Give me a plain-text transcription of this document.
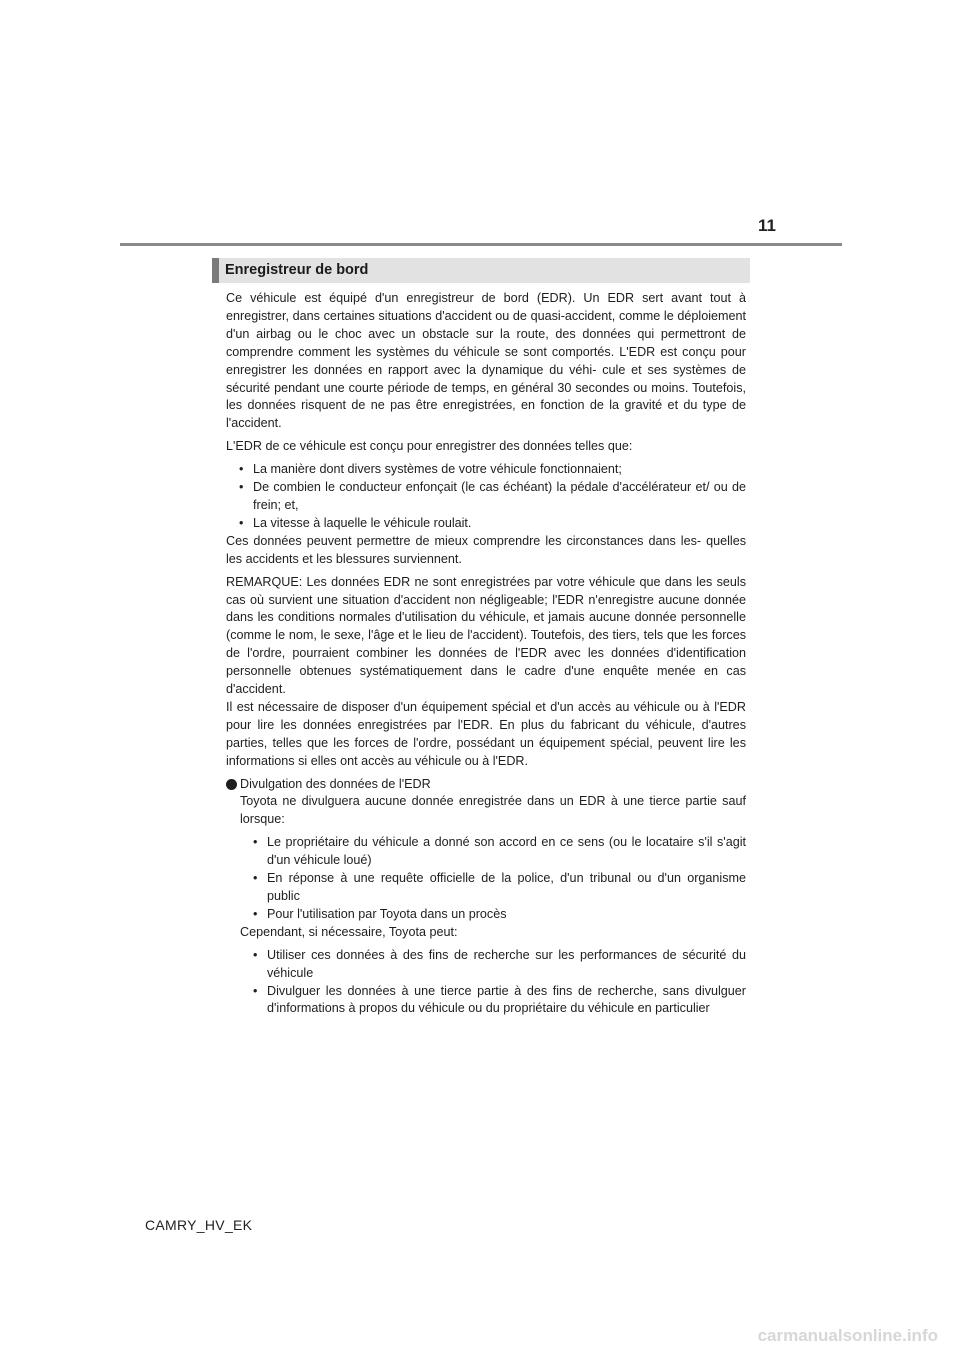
11
Enregistreur de bord

Ce véhicule est équipé d'un enregistreur de bord (EDR). Un EDR sert avant tout à enregistrer, dans certaines situations d'accident ou de quasi-accident, comme le déploiement d'un airbag ou le choc avec un obstacle sur la route, des données qui permettront de comprendre comment les systèmes du véhicule se sont comportés. L'EDR est conçu pour enregistrer les données en rapport avec la dynamique du véhi- cule et ses systèmes de sécurité pendant une courte période de temps, en général 30 secondes ou moins. Toutefois, les données risquent de ne pas être enregistrées, en fonction de la gravité et du type de l'accident.

L'EDR de ce véhicule est conçu pour enregistrer des données telles que:

• La manière dont divers systèmes de votre véhicule fonctionnaient;
• De combien le conducteur enfonçait (le cas échéant) la pédale d'accélérateur et/ ou de frein; et,
• La vitesse à laquelle le véhicule roulait.

Ces données peuvent permettre de mieux comprendre les circonstances dans les- quelles les accidents et les blessures surviennent.

REMARQUE: Les données EDR ne sont enregistrées par votre véhicule que dans les seuls cas où survient une situation d'accident non négligeable; l'EDR n'enregistre aucune donnée dans les conditions normales d'utilisation du véhicule, et jamais aucune donnée personnelle (comme le nom, le sexe, l'âge et le lieu de l'accident). Toutefois, des tiers, tels que les forces de l'ordre, pourraient combiner les données de l'EDR avec les données d'identification personnelle obtenues systématiquement dans le cadre d'une enquête menée en cas d'accident.

Il est nécessaire de disposer d'un équipement spécial et d'un accès au véhicule ou à l'EDR pour lire les données enregistrées par l'EDR. En plus du fabricant du véhicule, d'autres parties, telles que les forces de l'ordre, possédant un équipement spécial, peuvent lire les informations si elles ont accès au véhicule ou à l'EDR.

Divulgation des données de l'EDR

Toyota ne divulguera aucune donnée enregistrée dans un EDR à une tierce partie sauf lorsque:

• Le propriétaire du véhicule a donné son accord en ce sens (ou le locataire s'il s'agit d'un véhicule loué)
• En réponse à une requête officielle de la police, d'un tribunal ou d'un organisme public
• Pour l'utilisation par Toyota dans un procès

Cependant, si nécessaire, Toyota peut:

• Utiliser ces données à des fins de recherche sur les performances de sécurité du véhicule
• Divulguer les données à une tierce partie à des fins de recherche, sans divulguer d'informations à propos du véhicule ou du propriétaire du véhicule en particulier
CAMRY_HV_EK
carmanualsonline.info
